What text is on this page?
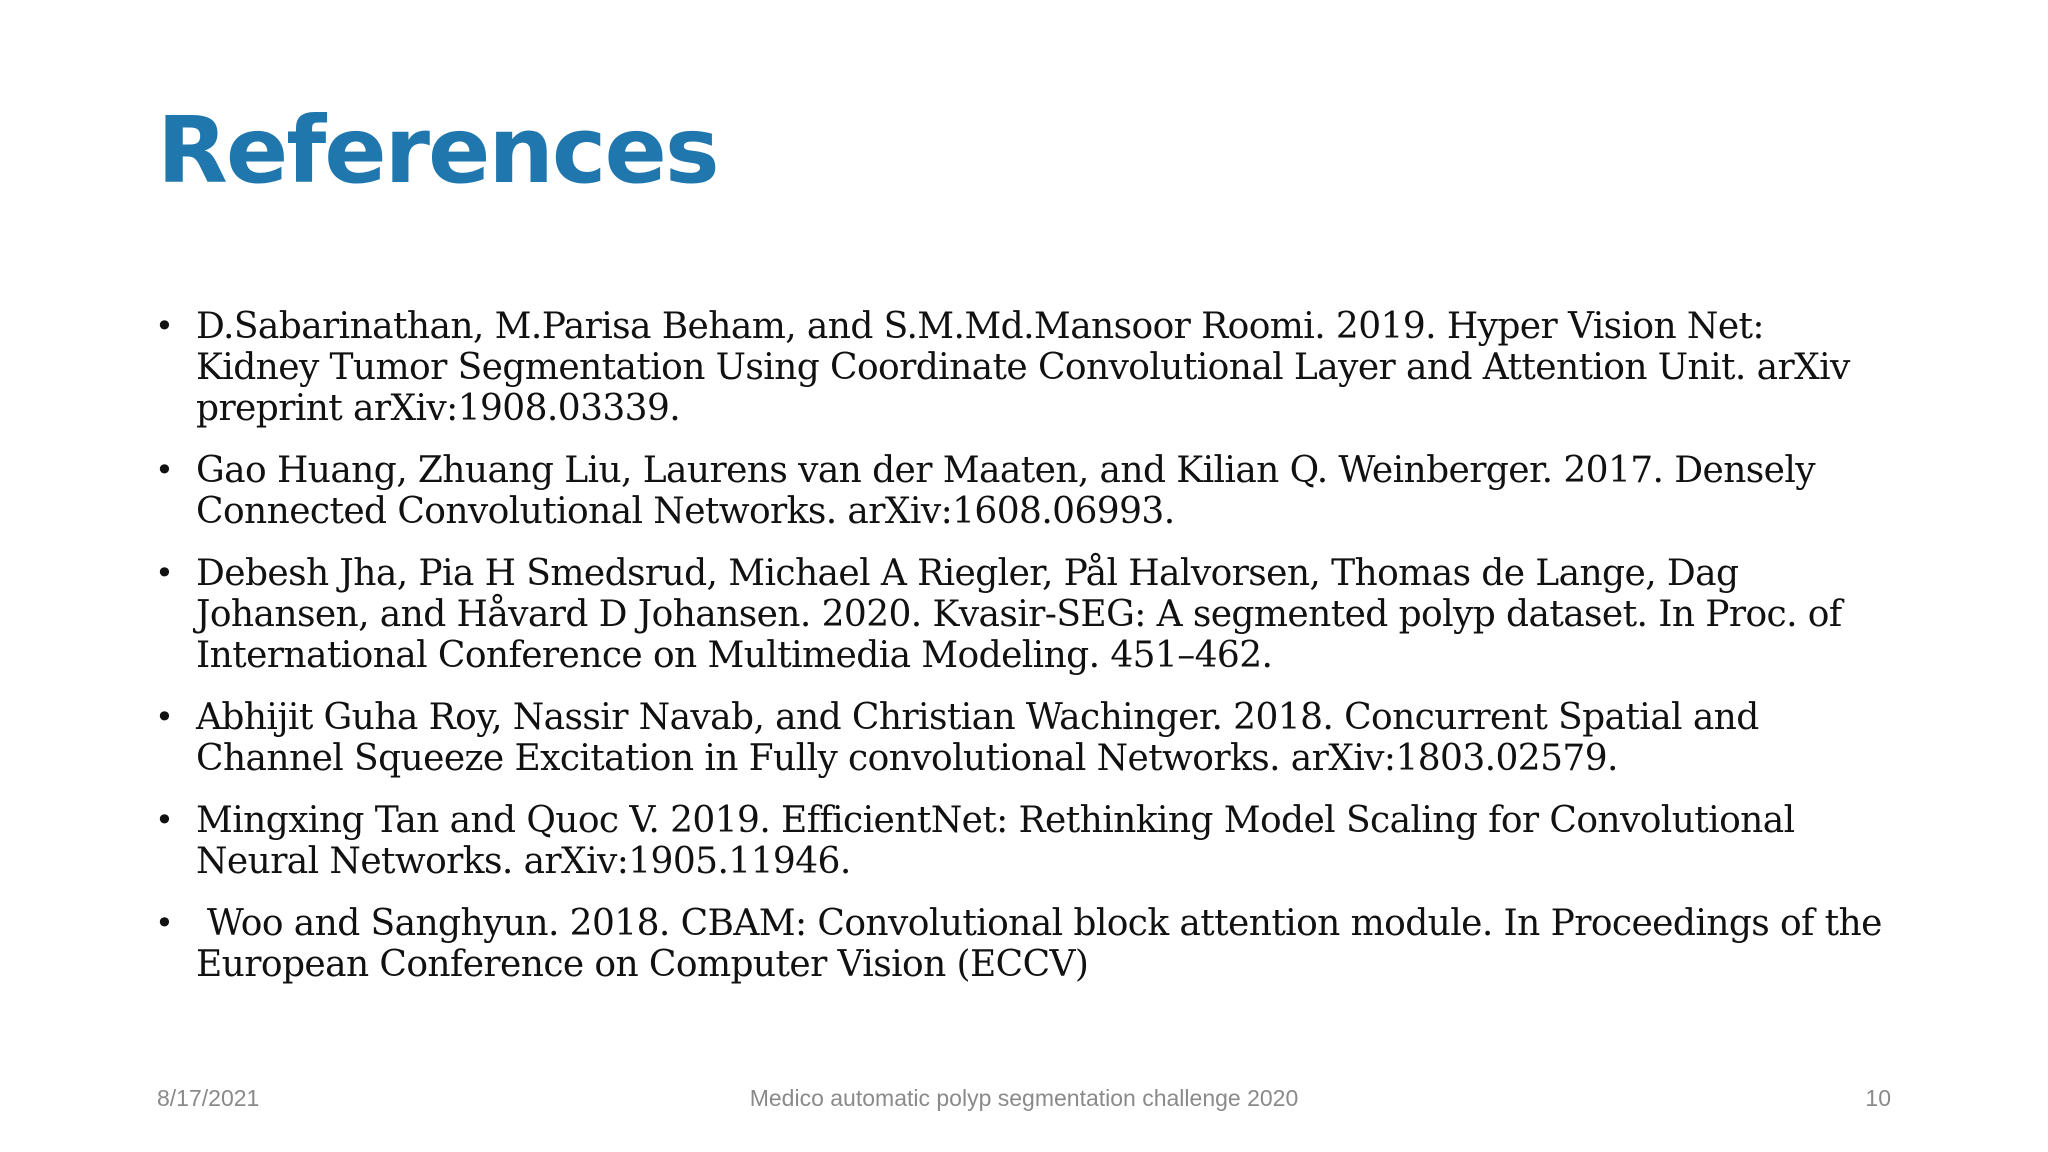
References
• D.Sabarinathan, M.Parisa Beham, and S.M.Md.Mansoor Roomi. 2019. Hyper Vision Net: Kidney Tumor Segmentation Using Coordinate Convolutional Layer and Attention Unit. arXiv preprint arXiv:1908.03339.
• Gao Huang, Zhuang Liu, Laurens van der Maaten, and Kilian Q. Weinberger. 2017. Densely Connected Convolutional Networks. arXiv:1608.06993.
• Debesh Jha, Pia H Smedsrud, Michael A Riegler, Pål Halvorsen, Thomas de Lange, Dag Johansen, and Håvard D Johansen. 2020. Kvasir-SEG: A segmented polyp dataset. In Proc. of International Conference on Multimedia Modeling. 451–462.
• Abhijit Guha Roy, Nassir Navab, and Christian Wachinger. 2018. Concurrent Spatial and Channel Squeeze Excitation in Fully convolutional Networks. arXiv:1803.02579.
• Mingxing Tan and Quoc V. 2019. EfficientNet: Rethinking Model Scaling for Convolutional Neural Networks. arXiv:1905.11946.
• Woo and Sanghyun. 2018. CBAM: Convolutional block attention module. In Proceedings of the European Conference on Computer Vision (ECCV)
Medico automatic polyp segmentation challenge 2020
8/17/2021	10
